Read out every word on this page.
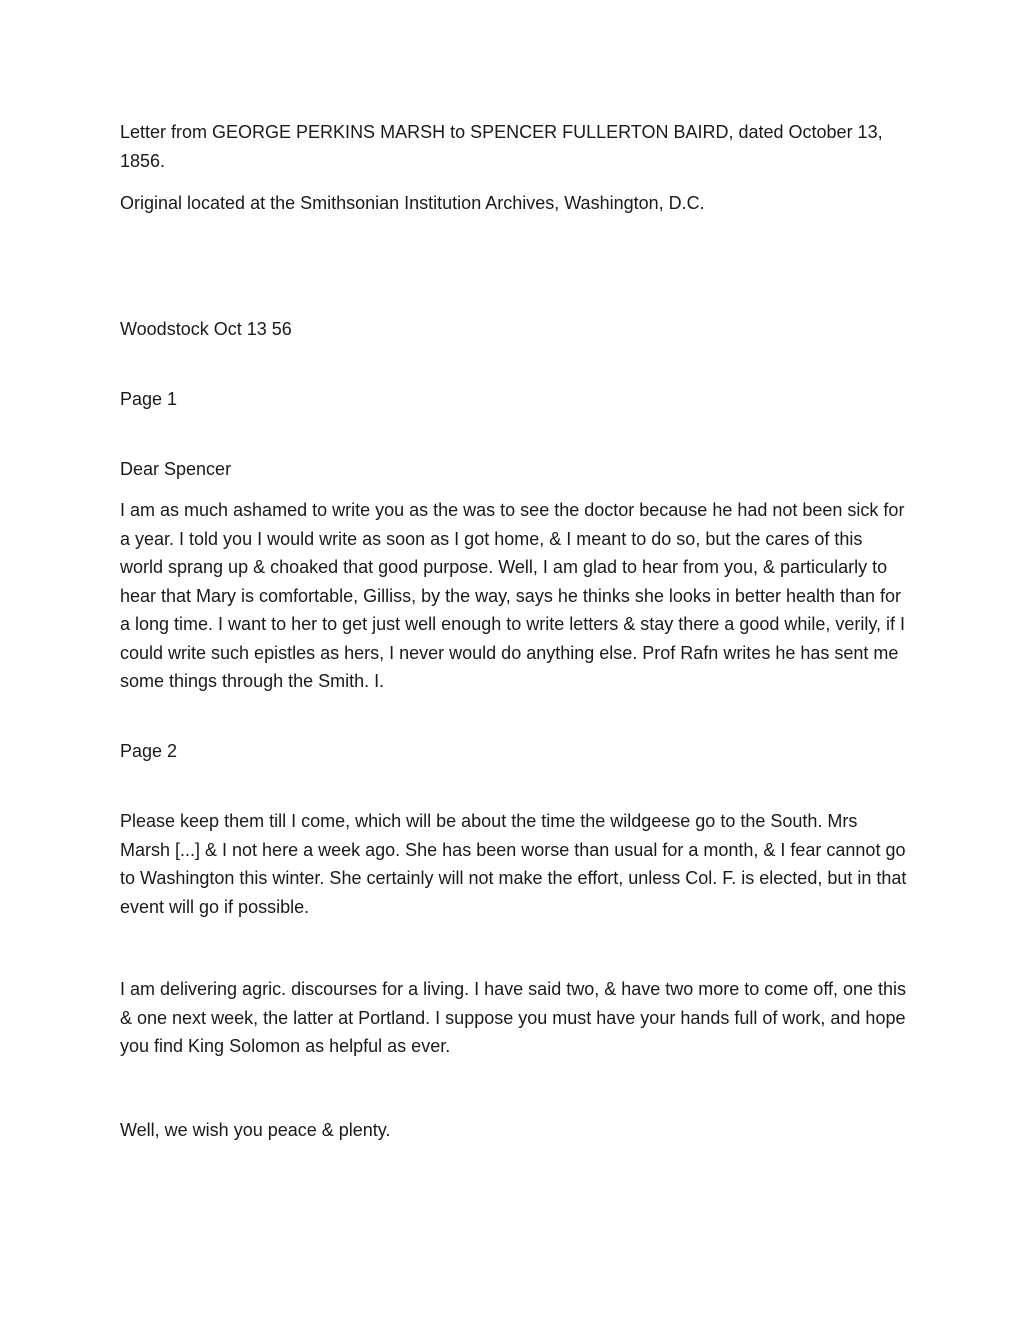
Letter from GEORGE PERKINS MARSH to SPENCER FULLERTON BAIRD, dated October 13, 1856.

Original located at the Smithsonian Institution Archives, Washington, D.C.

Woodstock Oct 13 56

Page 1

Dear Spencer

I am as much ashamed to write you as the was to see the doctor because he had not been sick for a year. I told you I would write as soon as I got home, & I meant to do so, but the cares of this world sprang up & choaked that good purpose. Well, I am glad to hear from you, & particularly to hear that Mary is comfortable, Gilliss, by the way, says he thinks she looks in better health than for a long time. I want to her to get just well enough to write letters & stay there a good while, verily, if I could write such epistles as hers, I never would do anything else. Prof Rafn writes he has sent me some things through the Smith. I.

Page 2

Please keep them till I come, which will be about the time the wildgeese go to the South. Mrs Marsh [...] & I not here a week ago. She has been worse than usual for a month, & I fear cannot go to Washington this winter. She certainly will not make the effort, unless Col. F. is elected, but in that event will go if possible.

I am delivering agric. discourses for a living. I have said two, & have two more to come off, one this & one next week, the latter at Portland. I suppose you must have your hands full of work, and hope you find King Solomon as helpful as ever.

Well, we wish you peace & plenty.
